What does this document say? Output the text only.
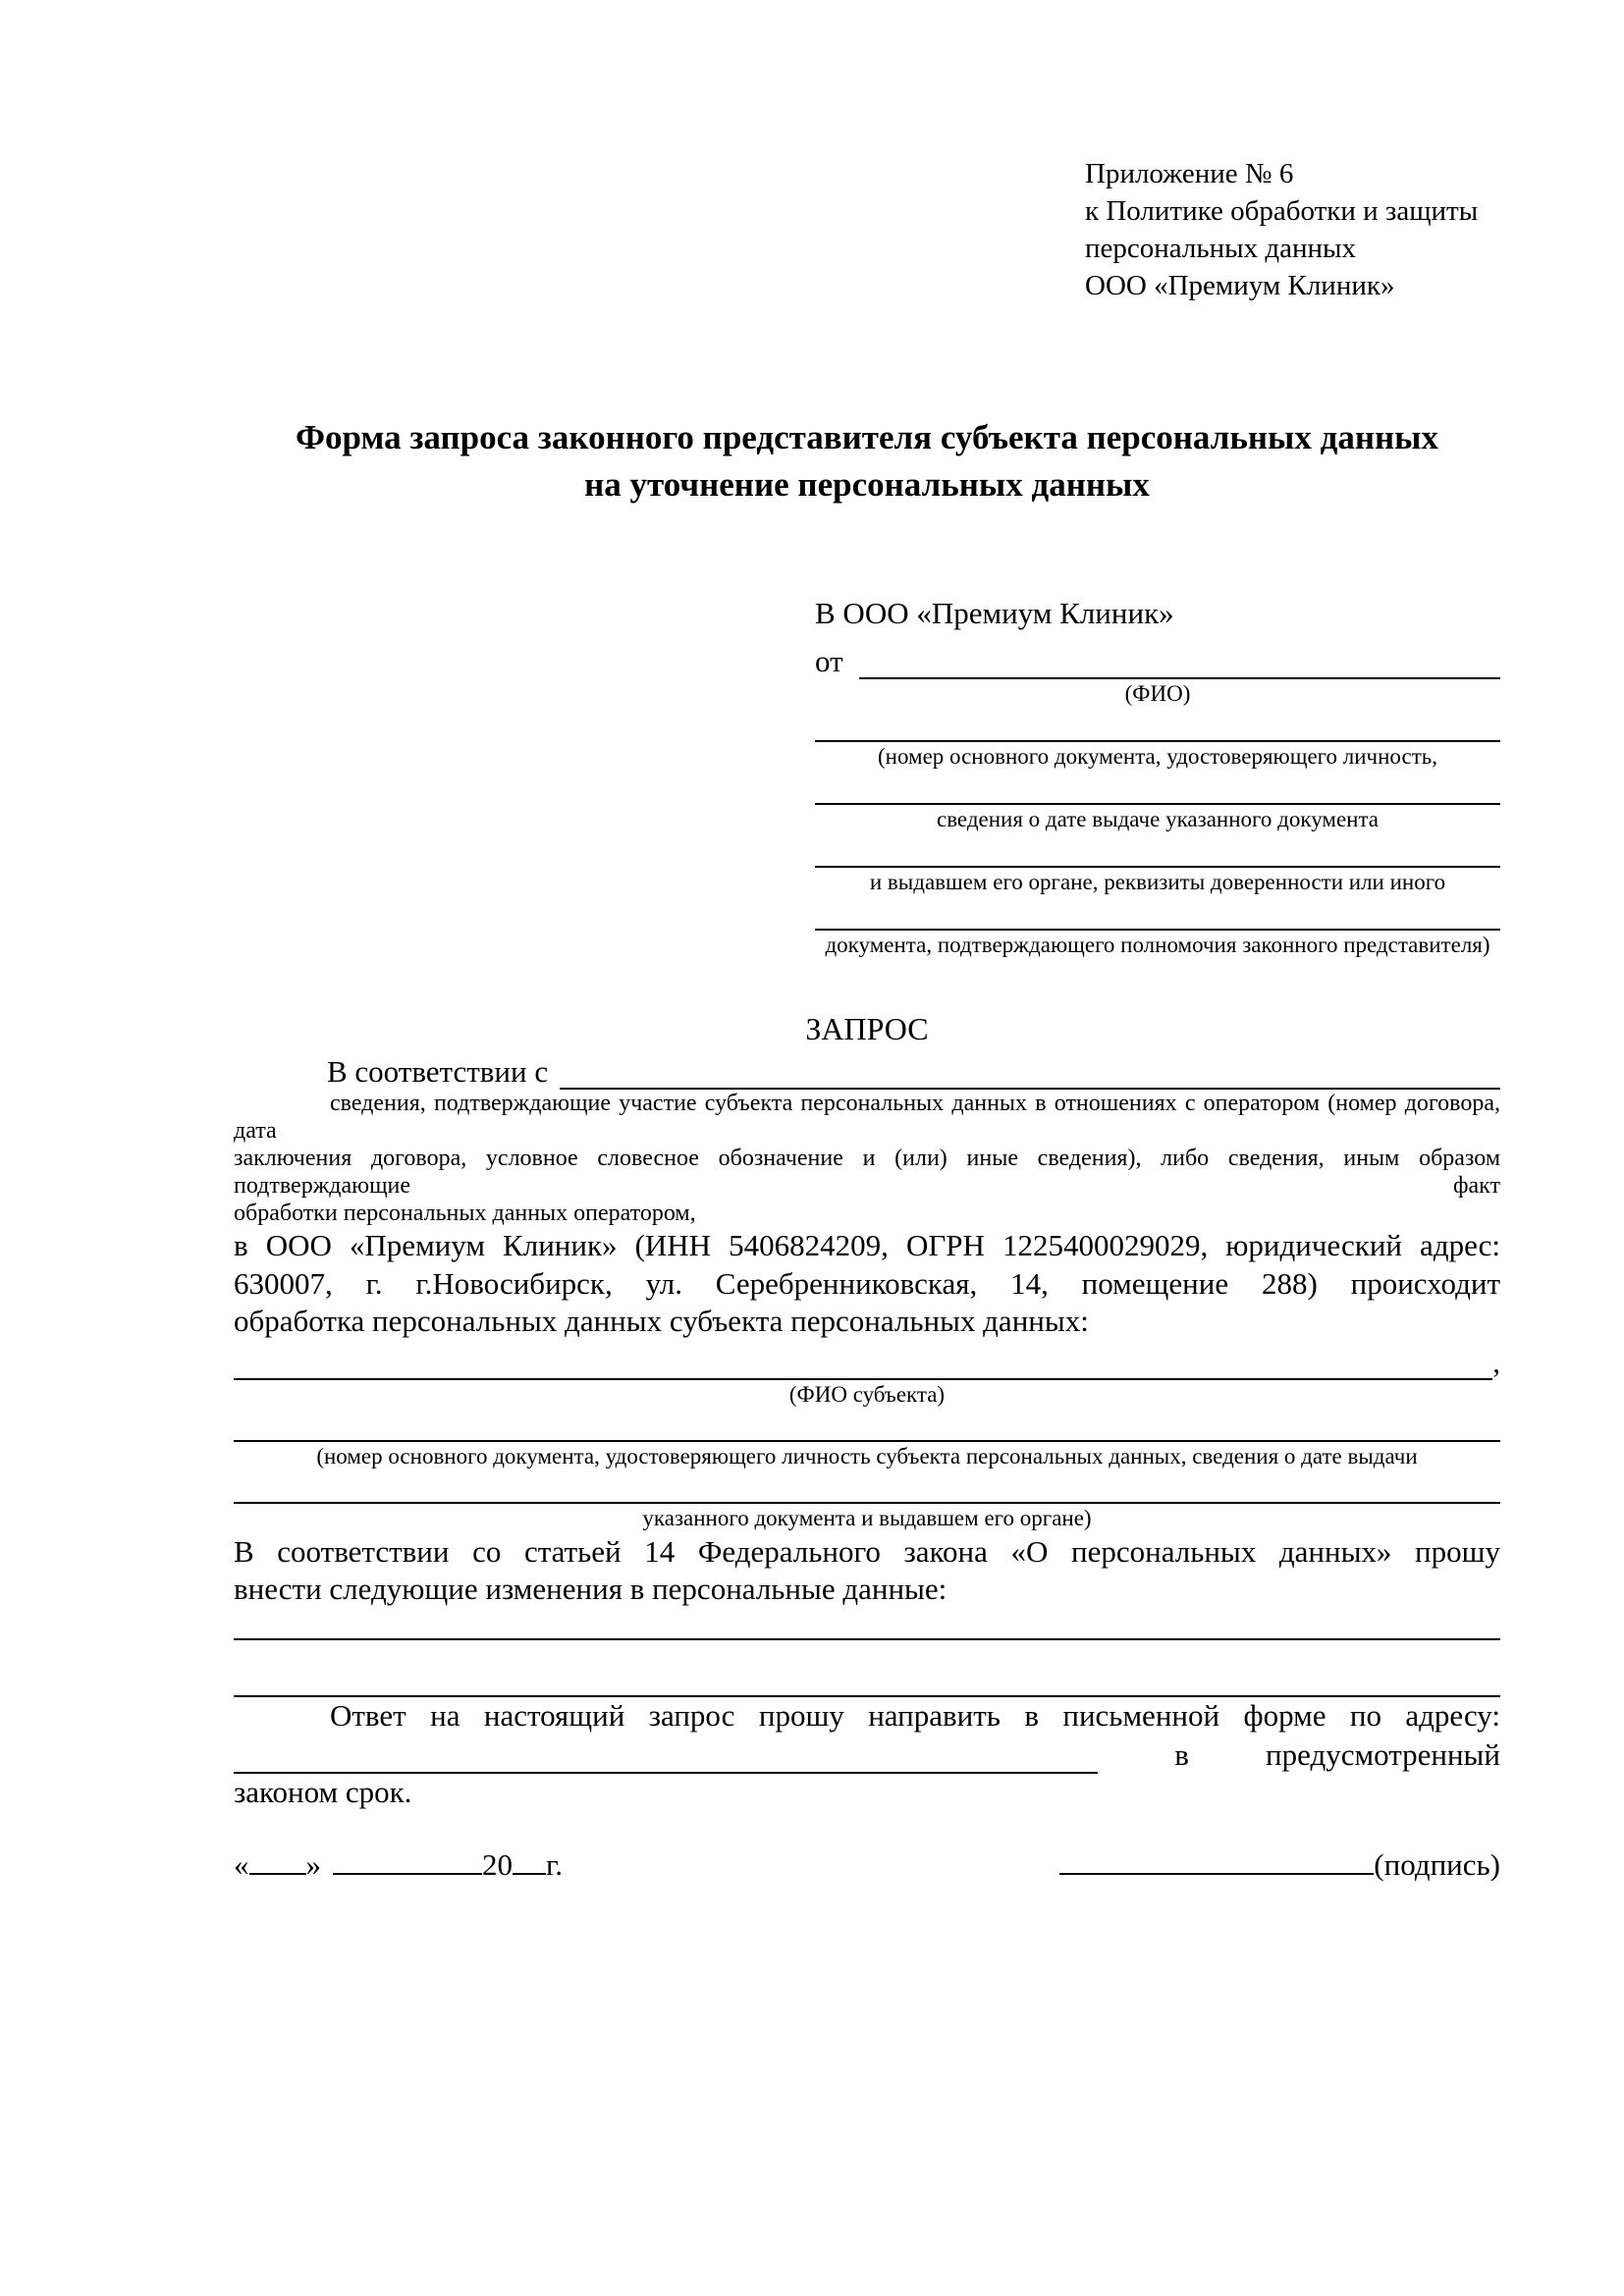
Приложение № 6
к Политике обработки и защиты
персональных данных
ООО «Премиум Клиник»
Форма запроса законного представителя субъекта персональных данных
на уточнение персональных данных
В ООО «Премиум Клиник»
от
(ФИО)
(номер основного документа, удостоверяющего личность,
сведения о дате выдаче указанного документа
и выдавшем его органе, реквизиты доверенности или иного
документа, подтверждающего полномочия законного представителя)
ЗАПРОС
В соответствии с
сведения, подтверждающие участие субъекта персональных данных в отношениях с оператором (номер договора, дата
заключения договора, условное словесное обозначение и (или) иные сведения), либо сведения, иным образом подтверждающие факт
обработки персональных данных оператором,
в ООО «Премиум Клиник» (ИНН 5406824209, ОГРН 1225400029029, юридический адрес:
630007, г. г.Новосибирск, ул. Серебренниковская, 14, помещение 288) происходит
обработка персональных данных субъекта персональных данных:
,
(ФИО субъекта)
(номер основного документа, удостоверяющего личность субъекта персональных данных, сведения о дате выдачи
указанного документа и выдавшем его органе)
В соответствии со статьей 14 Федерального закона «О персональных данных» прошу
внести следующие изменения в персональные данные:
Ответ на настоящий запрос прошу направить в письменной форме по адресу:
в	предусмотренный
законом срок.
« »	20 г.	(подпись)
